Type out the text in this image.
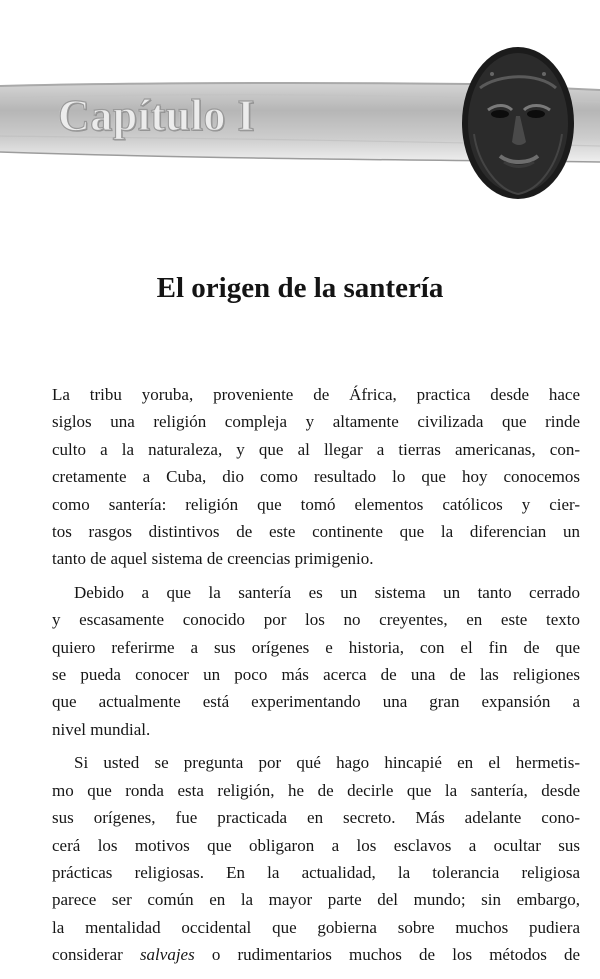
Capítulo I
El origen de la santería

La tribu yoruba, proveniente de África, practica desde hace
siglos una religión compleja y altamente civilizada que rinde
culto a la naturaleza, y que al llegar a tierras americanas, con-
cretamente a Cuba, dio como resultado lo que hoy conocemos
como santería: religión que tomó elementos católicos y cier-
tos rasgos distintivos de este continente que la diferencian un
tanto de aquel sistema de creencias primigenio.

Debido a que la santería es un sistema un tanto cerrado
y escasamente conocido por los no creyentes, en este texto
quiero referirme a sus orígenes e historia, con el fin de que
se pueda conocer un poco más acerca de una de las religiones
que actualmente está experimentando una gran expansión a
nivel mundial.

Si usted se pregunta por qué hago hincapié en el hermetis-
mo que ronda esta religión, he de decirle que la santería, desde
sus orígenes, fue practicada en secreto. Más adelante cono-
cerá los motivos que obligaron a los esclavos a ocultar sus
prácticas religiosas. En la actualidad, la tolerancia religiosa
parece ser común en la mayor parte del mundo; sin embargo,
la mentalidad occidental que gobierna sobre muchos pudiera
considerar salvajes o rudimentarios muchos de los métodos de
